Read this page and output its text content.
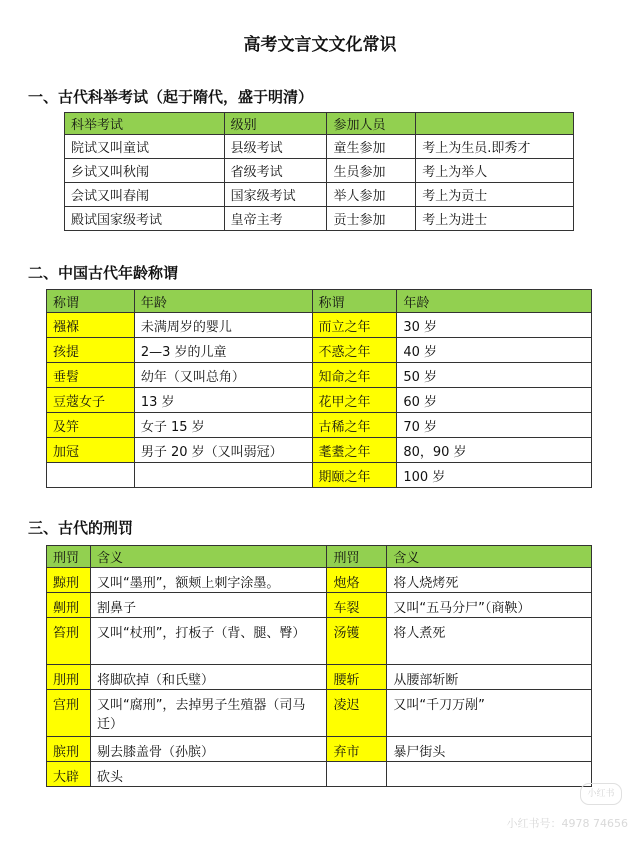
高考文言文文化常识
一、古代科举考试（起于隋代，盛于明清）
科举考试	级别	参加人员	
院试又叫童试	县级考试	童生参加	考上为生员.即秀才
乡试又叫秋闱	省级考试	生员参加	考上为举人
会试又叫春闱	国家级考试	举人参加	考上为贡士
殿试国家级考试	皇帝主考	贡士参加	考上为进士
二、中国古代年龄称谓
称谓	年龄	称谓	年龄
襁褓	未满周岁的婴儿	而立之年	30 岁
孩提	2—3 岁的儿童	不惑之年	40 岁
垂髫	幼年（又叫总角）	知命之年	50 岁
豆蔻女子	13 岁	花甲之年	60 岁
及笄	女子 15 岁	古稀之年	70 岁
加冠	男子 20 岁（又叫弱冠）	耄耋之年	80，90 岁
		期颐之年	100 岁
三、古代的刑罚
刑罚	含义	刑罚	含义
黥刑	又叫“墨刑”，额颊上刺字涂墨。	炮烙	将人烧烤死
劓刑	割鼻子	车裂	又叫“五马分尸”（商鞅）
笞刑	又叫“杖刑”，打板子（背、腿、臀）	汤镬	将人煮死
刖刑	将脚砍掉（和氏璧）	腰斩	从腰部斩断
宫刑	又叫“腐刑”，去掉男子生殖器（司马迁）	凌迟	又叫“千刀万剐”
膑刑	剔去膝盖骨（孙膑）	弃市	暴尸街头
大辟	砍头		
小红书
小红书号：4978 74656
